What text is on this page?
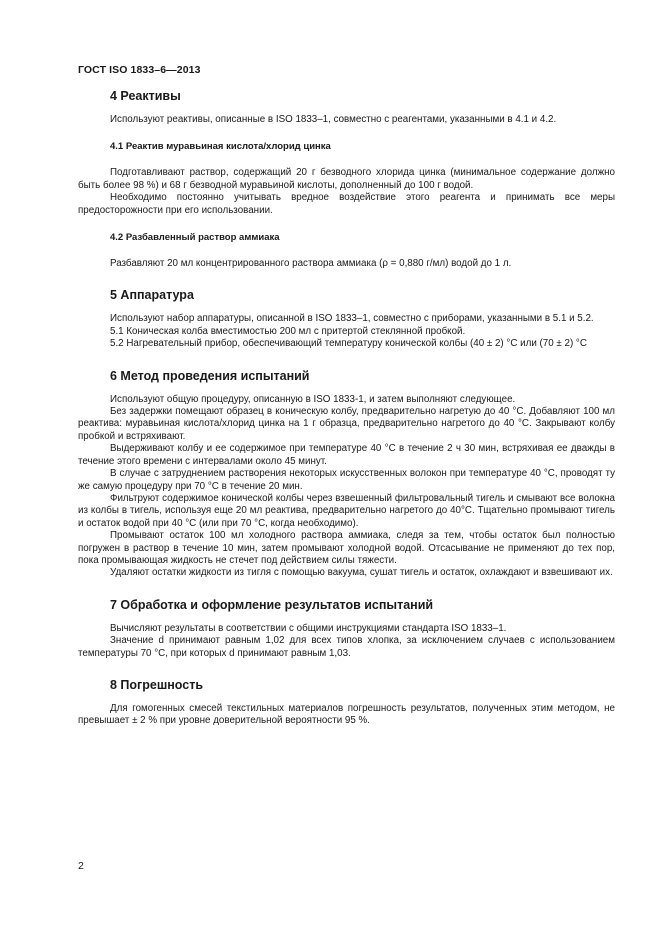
ГОСТ ISO 1833–6—2013
4 Реактивы

Используют реактивы, описанные в ISO 1833–1, совместно с реагентами, указанными в 4.1 и 4.2.

4.1 Реактив муравьиная кислота/хлорид цинка

Подготавливают раствор, содержащий 20 г безводного хлорида цинка (минимальное содержание должно быть более 98 %) и 68 г безводной муравьиной кислоты, дополненный до 100 г водой.

Необходимо постоянно учитывать вредное воздействие этого реагента и принимать все меры предосторожности при его использовании.

4.2 Разбавленный раствор аммиака

Разбавляют 20 мл концентрированного раствора аммиака (ρ = 0,880 г/мл) водой до 1 л.

5 Аппаратура

Используют набор аппаратуры, описанной в ISO 1833–1, совместно с приборами, указанными в 5.1 и 5.2.

5.1 Коническая колба вместимостью 200 мл с притертой стеклянной пробкой.

5.2 Нагревательный прибор, обеспечивающий температуру конической колбы (40 ± 2) °С или (70 ± 2) °С

6 Метод проведения испытаний

Используют общую процедуру, описанную в ISO 1833-1, и затем выполняют следующее.

Без задержки помещают образец в коническую колбу, предварительно нагретую до 40 °С. Добавляют 100 мл реактива: муравьиная кислота/хлорид цинка на 1 г образца, предварительно нагретого до 40 °С. Закрывают колбу пробкой и встряхивают.

Выдерживают колбу и ее содержимое при температуре 40 °С в течение 2 ч 30 мин, встряхивая ее дважды в течение этого времени с интервалами около 45 минут.

В случае с затруднением растворения некоторых искусственных волокон при температуре 40 °С, проводят ту же самую процедуру при 70 °С в течение 20 мин.

Фильтруют содержимое конической колбы через взвешенный фильтровальный тигель и смывают все волокна из колбы в тигель, используя еще 20 мл реактива, предварительно нагретого до 40°С. Тщательно промывают тигель и остаток водой при 40 °С (или при 70 °С, когда необходимо).

Промывают остаток 100 мл холодного раствора аммиака, следя за тем, чтобы остаток был полностью погружен в раствор в течение 10 мин, затем промывают холодной водой. Отсасывание не применяют до тех пор, пока промывающая жидкость не стечет под действием силы тяжести.

Удаляют остатки жидкости из тигля с помощью вакуума, сушат тигель и остаток, охлаждают и взвешивают их.

7 Обработка и оформление результатов испытаний

Вычисляют результаты в соответствии с общими инструкциями стандарта ISO 1833–1.

Значение d принимают равным 1,02 для всех типов хлопка, за исключением случаев с использованием температуры 70 °С, при которых d принимают равным 1,03.

8 Погрешность

Для гомогенных смесей текстильных материалов погрешность результатов, полученных этим методом, не превышает ± 2 % при уровне доверительной вероятности 95 %.

2
